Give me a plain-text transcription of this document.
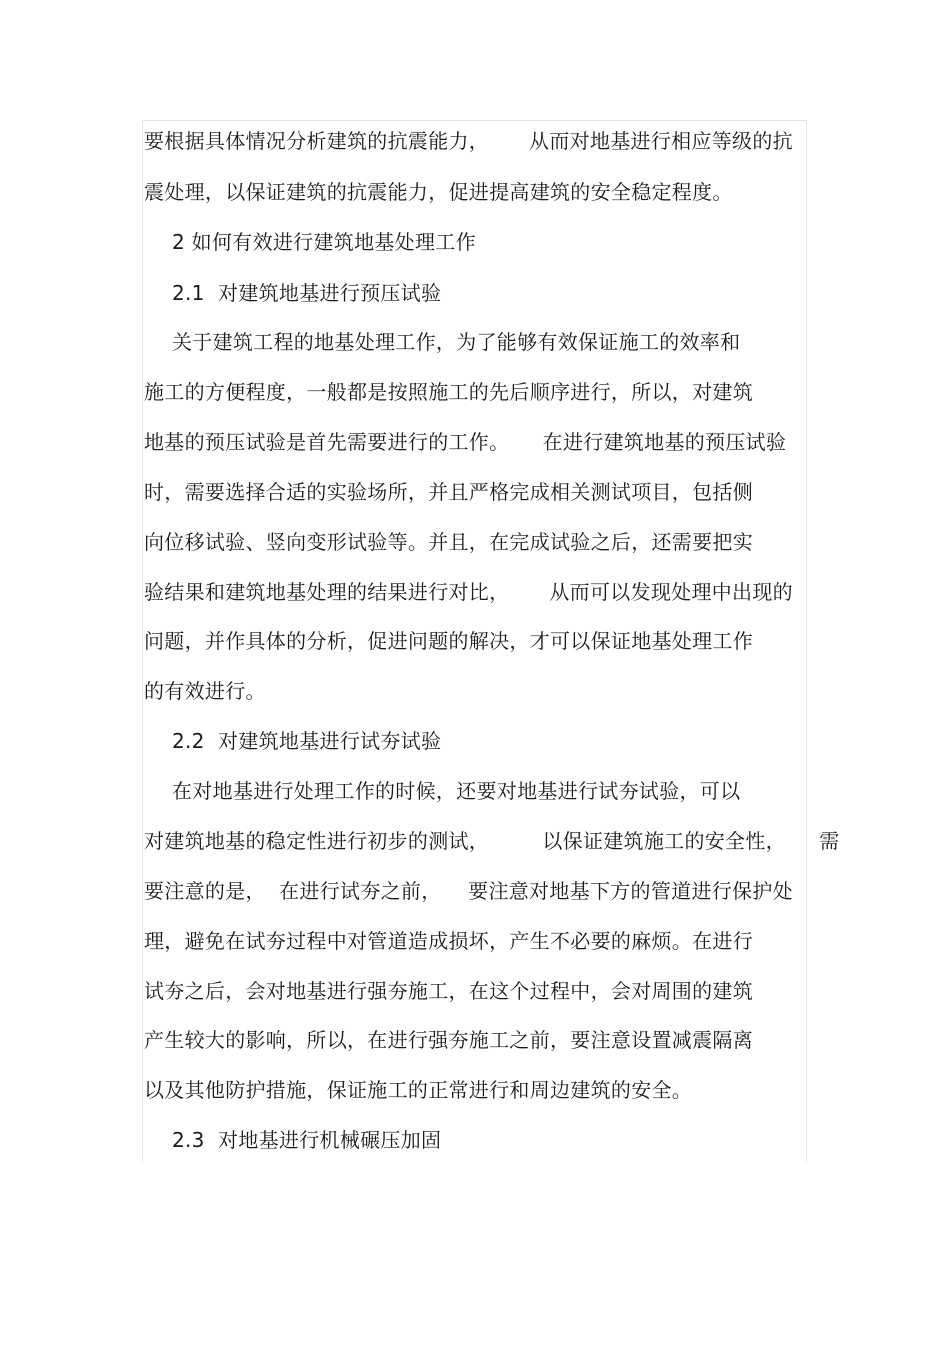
要根据具体情况分析建筑的抗震能力，      从而对地基进行相应等级的抗
震处理，以保证建筑的抗震能力，促进提高建筑的安全稳定程度。
2 如何有效进行建筑地基处理工作
2.1  对建筑地基进行预压试验
关于建筑工程的地基处理工作，为了能够有效保证施工的效率和
施工的方便程度，一般都是按照施工的先后顺序进行，所以，对建筑
地基的预压试验是首先需要进行的工作。     在进行建筑地基的预压试验
时，需要选择合适的实验场所，并且严格完成相关测试项目，包括侧
向位移试验、竖向变形试验等。并且，在完成试验之后，还需要把实
验结果和建筑地基处理的结果进行对比，      从而可以发现处理中出现的
问题，并作具体的分析，促进问题的解决，才可以保证地基处理工作
的有效进行。
2.2  对建筑地基进行试夯试验
在对地基进行处理工作的时候，还要对地基进行试夯试验，可以
对建筑地基的稳定性进行初步的测试，        以保证建筑施工的安全性，     需
要注意的是，  在进行试夯之前，    要注意对地基下方的管道进行保护处
理，避免在试夯过程中对管道造成损坏，产生不必要的麻烦。在进行
试夯之后，会对地基进行强夯施工，在这个过程中，会对周围的建筑
产生较大的影响，所以，在进行强夯施工之前，要注意设置减震隔离
以及其他防护措施，保证施工的正常进行和周边建筑的安全。
2.3  对地基进行机械碾压加固
